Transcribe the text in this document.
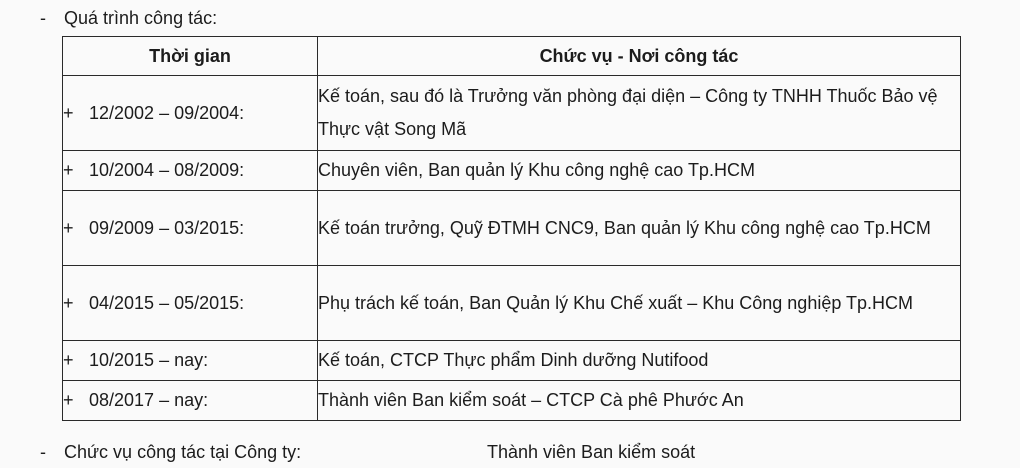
- Quá trình công tác:
Thời gian	Chức vụ - Nơi công tác
+ 12/2002 – 09/2004:	Kế toán, sau đó là Trưởng văn phòng đại diện – Công ty TNHH Thuốc Bảo vệ Thực vật Song Mã
+ 10/2004 – 08/2009:	Chuyên viên, Ban quản lý Khu công nghệ cao Tp.HCM
+ 09/2009 – 03/2015:	Kế toán trưởng, Quỹ ĐTMH CNC9, Ban quản lý Khu công nghệ cao Tp.HCM
+ 04/2015 – 05/2015:	Phụ trách kế toán, Ban Quản lý Khu Chế xuất – Khu Công nghiệp Tp.HCM
+ 10/2015 – nay:	Kế toán, CTCP Thực phẩm Dinh dưỡng Nutifood
+ 08/2017 – nay:	Thành viên Ban kiểm soát – CTCP Cà phê Phước An
- Chức vụ công tác tại Công ty:	Thành viên Ban kiểm soát
